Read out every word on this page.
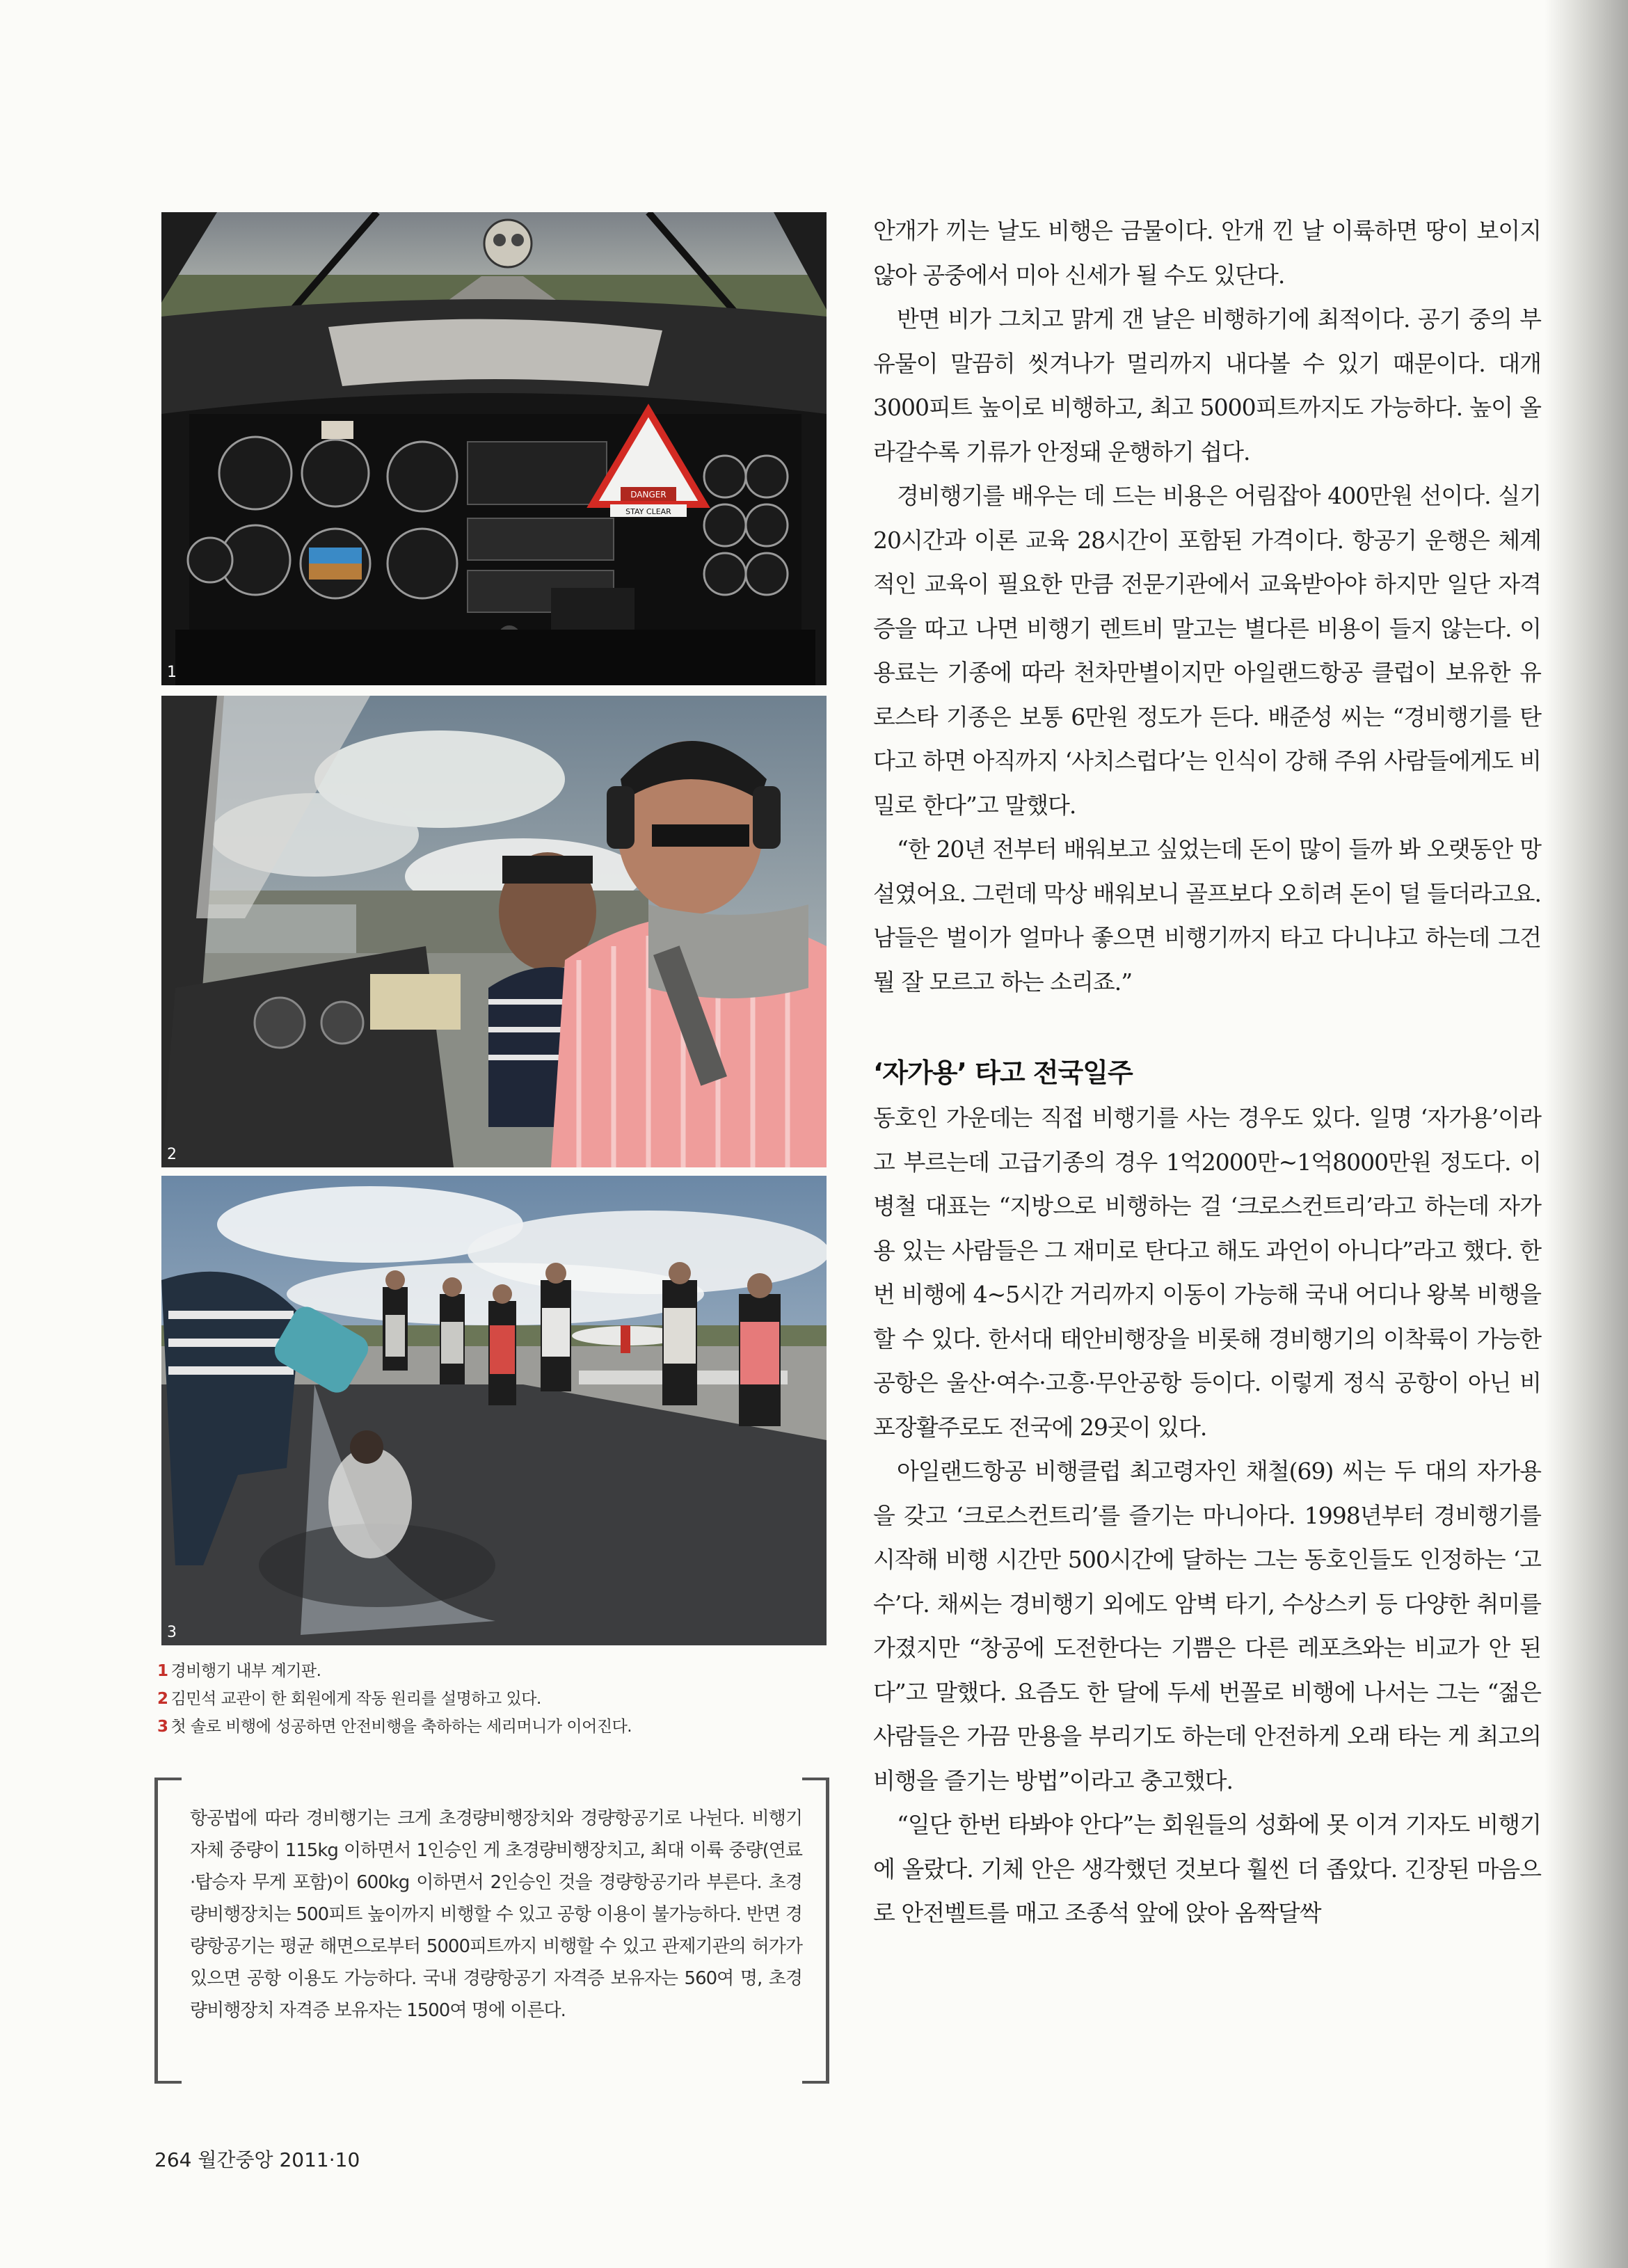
DANGER
STAY CLEAR
1
2
3
1 경비행기 내부 계기판.
2 김민석 교관이 한 회원에게 작동 원리를 설명하고 있다.
3 첫 솔로 비행에 성공하면 안전비행을 축하하는 세리머니가 이어진다.
항공법에 따라 경비행기는 크게 초경량비행장치와 경량항공기로 나뉜다. 비행기 자체 중량이 115kg 이하면서 1인승인 게 초경량비행장치고, 최대 이륙 중량(연료·탑승자 무게 포함)이 600kg 이하면서 2인승인 것을 경량항공기라 부른다. 초경량비행장치는 500피트 높이까지 비행할 수 있고 공항 이용이 불가능하다. 반면 경량항공기는 평균 해면으로부터 5000피트까지 비행할 수 있고 관제기관의 허가가 있으면 공항 이용도 가능하다. 국내 경량항공기 자격증 보유자는 560여 명, 초경량비행장치 자격증 보유자는 1500여 명에 이른다.
264 월간중앙 2011·10

안개가 끼는 날도 비행은 금물이다. 안개 낀 날 이륙하면 땅이 보이지 않아 공중에서 미아 신세가 될 수도 있단다.

반면 비가 그치고 맑게 갠 날은 비행하기에 최적이다. 공기 중의 부유물이 말끔히 씻겨나가 멀리까지 내다볼 수 있기 때문이다. 대개 3000피트 높이로 비행하고, 최고 5000피트까지도 가능하다. 높이 올라갈수록 기류가 안정돼 운행하기 쉽다.

경비행기를 배우는 데 드는 비용은 어림잡아 400만원 선이다. 실기 20시간과 이론 교육 28시간이 포함된 가격이다. 항공기 운행은 체계적인 교육이 필요한 만큼 전문기관에서 교육받아야 하지만 일단 자격증을 따고 나면 비행기 렌트비 말고는 별다른 비용이 들지 않는다. 이용료는 기종에 따라 천차만별이지만 아일랜드항공 클럽이 보유한 유로스타 기종은 보통 6만원 정도가 든다. 배준성 씨는 “경비행기를 탄다고 하면 아직까지 ‘사치스럽다’는 인식이 강해 주위 사람들에게도 비밀로 한다”고 말했다.

“한 20년 전부터 배워보고 싶었는데 돈이 많이 들까 봐 오랫동안 망설였어요. 그런데 막상 배워보니 골프보다 오히려 돈이 덜 들더라고요. 남들은 벌이가 얼마나 좋으면 비행기까지 타고 다니냐고 하는데 그건 뭘 잘 모르고 하는 소리죠.”

‘자가용’ 타고 전국일주

동호인 가운데는 직접 비행기를 사는 경우도 있다. 일명 ‘자가용’이라고 부르는데 고급기종의 경우 1억2000만~1억8000만원 정도다. 이병철 대표는 “지방으로 비행하는 걸 ‘크로스컨트리’라고 하는데 자가용 있는 사람들은 그 재미로 탄다고 해도 과언이 아니다”라고 했다. 한 번 비행에 4~5시간 거리까지 이동이 가능해 국내 어디나 왕복 비행을 할 수 있다. 한서대 태안비행장을 비롯해 경비행기의 이착륙이 가능한 공항은 울산·여수·고흥·무안공항 등이다. 이렇게 정식 공항이 아닌 비포장활주로도 전국에 29곳이 있다.

아일랜드항공 비행클럽 최고령자인 채철(69) 씨는 두 대의 자가용을 갖고 ‘크로스컨트리’를 즐기는 마니아다. 1998년부터 경비행기를 시작해 비행 시간만 500시간에 달하는 그는 동호인들도 인정하는 ‘고수’다. 채씨는 경비행기 외에도 암벽 타기, 수상스키 등 다양한 취미를 가졌지만 “창공에 도전한다는 기쁨은 다른 레포츠와는 비교가 안 된다”고 말했다. 요즘도 한 달에 두세 번꼴로 비행에 나서는 그는 “젊은 사람들은 가끔 만용을 부리기도 하는데 안전하게 오래 타는 게 최고의 비행을 즐기는 방법”이라고 충고했다.

“일단 한번 타봐야 안다”는 회원들의 성화에 못 이겨 기자도 비행기에 올랐다. 기체 안은 생각했던 것보다 훨씬 더 좁았다. 긴장된 마음으로 안전벨트를 매고 조종석 앞에 앉아 옴짝달싹
